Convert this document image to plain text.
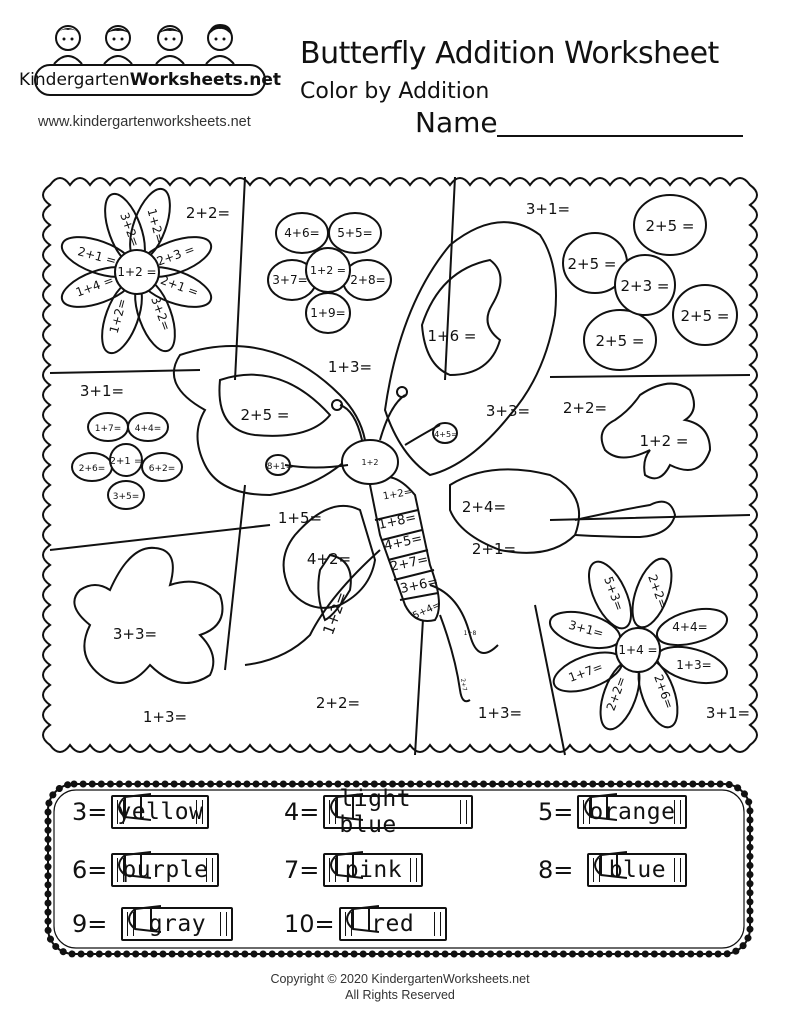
KindergartenWorksheets.net
www.kindergartenworksheets.net
Butterfly Addition Worksheet
Color by Addition
Name
1+2 =
3+2= 1+2=
2+3 =
2+1 =
3+2=
1+2=
1+4 =
2+1 =
1+2 =
4+6= 5+5=
3+7=	2+8=
1+9=
2+3 =
2+5 =
2+5 =
2+5 =
2+5 =
2+1 =
1+7= 4+4=
2+6=	6+2=
3+5=
1+4 =
5+3= 2+2=
3+1=	4+4=
1+7=	1+3=
2+2= 2+6=
2+2=	3+1=
1+3=
3+1=
1+6 =
2+5 =	3+3= 2+2=
1+2 =
1+5=
2+4=
2+1=
4+2=
1+2=
3+3=
1+3=
2+2=
1+3=	3+1=
1+2=
1+8=
4+5=
2+7=
3+6=
5+4=
8+1=
4+5=
1+2
1+8
2+7
3= yellow	4= light blue	5= orange
6= purple	7= pink	8= blue
9= gray	10= red
Copyright © 2020 KindergartenWorksheets.net
All Rights Reserved
